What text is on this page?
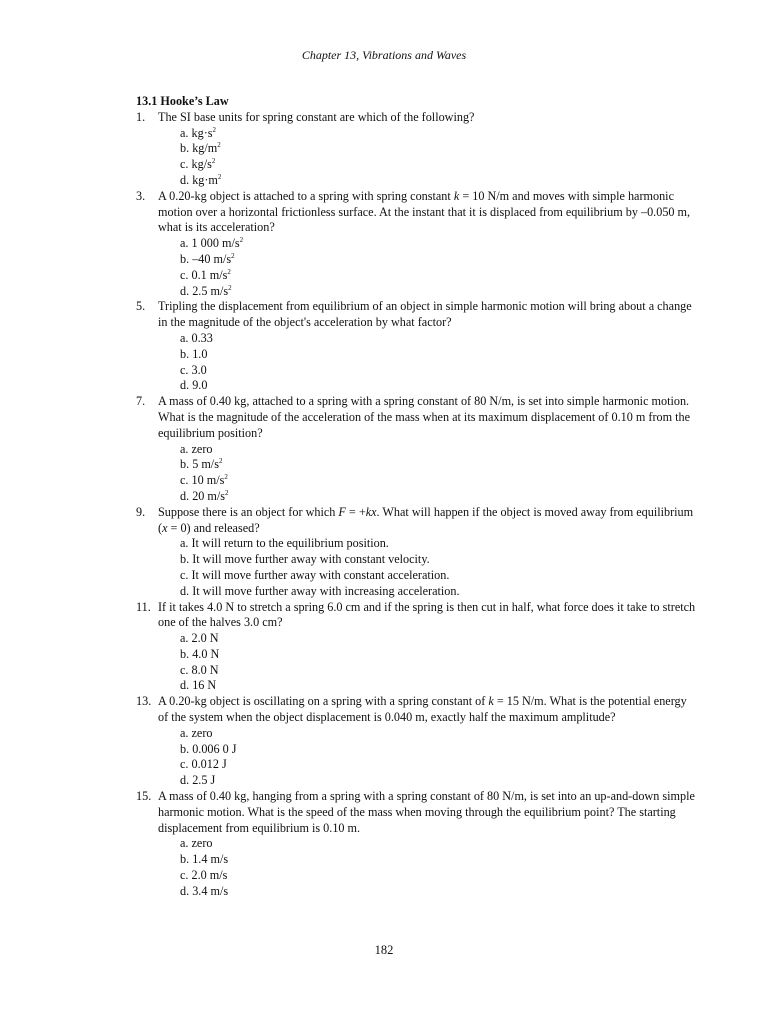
Chapter 13, Vibrations and Waves
13.1 Hooke’s Law
1.	The SI base units for spring constant are which of the following?
a. $kg\cdot s^2$
b. $kg/m^2$
c. $kg/s^2$
d. $kg\cdot m^2$
3.	A 0.20-kg object is attached to a spring with spring constant k = 10 N/m and moves with simple harmonic motion over a horizontal frictionless surface. At the instant that it is displaced from equilibrium by –0.050 m, what is its acceleration?
a. 1 000 $m/s^2$
b. –40 $m/s^2$
c. 0.1 $m/s^2$
d. 2.5 $m/s^2$
5.	Tripling the displacement from equilibrium of an object in simple harmonic motion will bring about a change in the magnitude of the object's acceleration by what factor?
a. 0.33
b. 1.0
c. 3.0
d. 9.0
7.	A mass of 0.40 kg, attached to a spring with a spring constant of 80 N/m, is set into simple harmonic motion. What is the magnitude of the acceleration of the mass when at its maximum displacement of 0.10 m from the equilibrium position?
a. zero
b. 5 $m/s^2$
c. 10 $m/s^2$
d. 20 $m/s^2$
9.	Suppose there is an object for which F = +kx. What will happen if the object is moved away from equilibrium (x = 0) and released?
a. It will return to the equilibrium position.
b. It will move further away with constant velocity.
c. It will move further away with constant acceleration.
d. It will move further away with increasing acceleration.
11. If it takes 4.0 N to stretch a spring 6.0 cm and if the spring is then cut in half, what force does it take to stretch one of the halves 3.0 cm?
a. 2.0 N
b. 4.0 N
c. 8.0 N
d. 16 N
13. A 0.20-kg object is oscillating on a spring with a spring constant of k = 15 N/m. What is the potential energy of the system when the object displacement is 0.040 m, exactly half the maximum amplitude?
a. zero
b. 0.006 0 J
c. 0.012 J
d. 2.5 J
15. A mass of 0.40 kg, hanging from a spring with a spring constant of 80 N/m, is set into an up-and-down simple harmonic motion. What is the speed of the mass when moving through the equilibrium point? The starting displacement from equilibrium is 0.10 m.
a. zero
b. 1.4 m/s
c. 2.0 m/s
d. 3.4 m/s
182
